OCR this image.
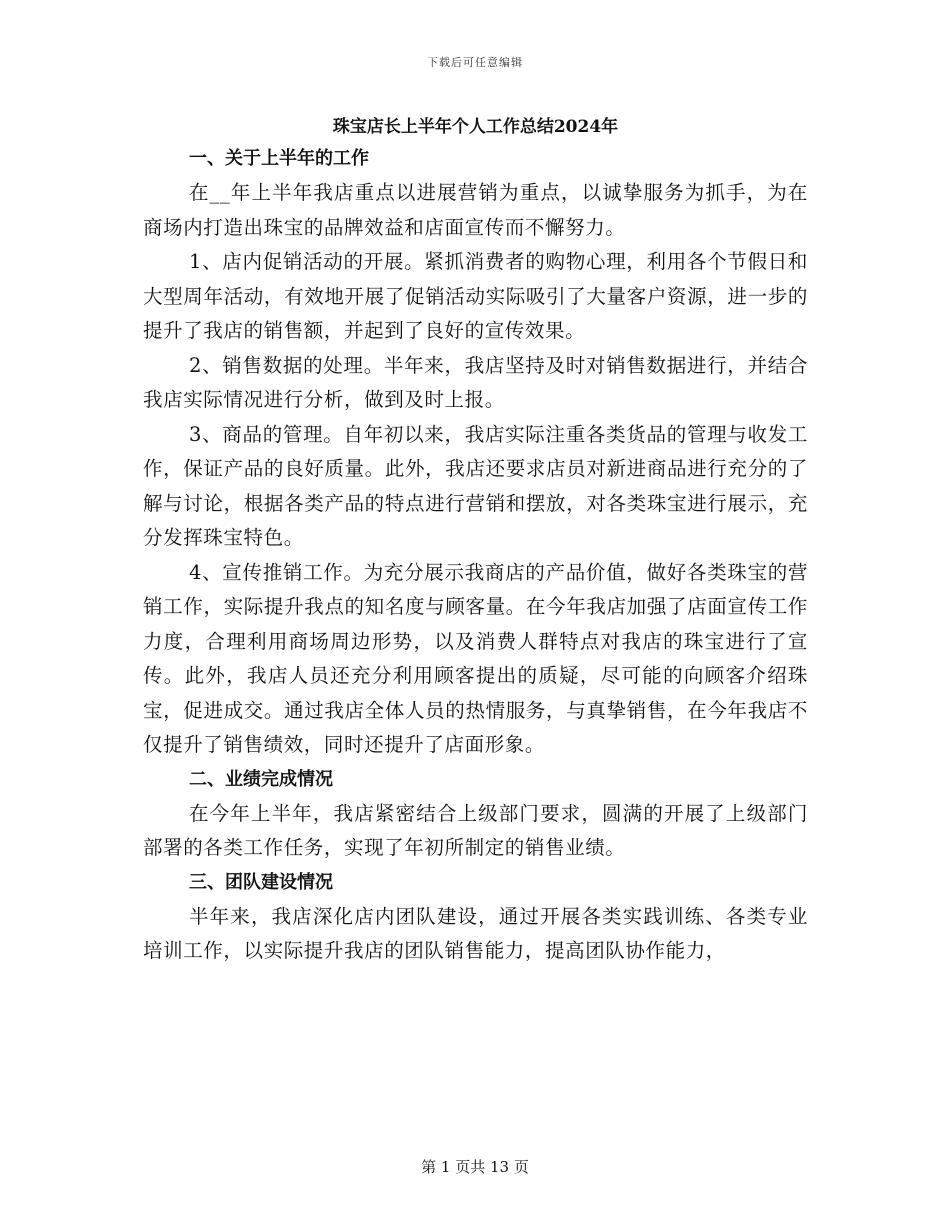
下载后可任意编辑
珠宝店长上半年个人工作总结2024年
一、关于上半年的工作

在__年上半年我店重点以进展营销为重点，以诚挚服务为抓手，为在商场内打造出珠宝的品牌效益和店面宣传而不懈努力。

1、店内促销活动的开展。紧抓消费者的购物心理，利用各个节假日和大型周年活动，有效地开展了促销活动实际吸引了大量客户资源，进一步的提升了我店的销售额，并起到了良好的宣传效果。

2、销售数据的处理。半年来，我店坚持及时对销售数据进行，并结合我店实际情况进行分析，做到及时上报。

3、商品的管理。自年初以来，我店实际注重各类货品的管理与收发工作，保证产品的良好质量。此外，我店还要求店员对新进商品进行充分的了解与讨论，根据各类产品的特点进行营销和摆放，对各类珠宝进行展示，充分发挥珠宝特色。

4、宣传推销工作。为充分展示我商店的产品价值，做好各类珠宝的营销工作，实际提升我点的知名度与顾客量。在今年我店加强了店面宣传工作力度，合理利用商场周边形势，以及消费人群特点对我店的珠宝进行了宣传。此外，我店人员还充分利用顾客提出的质疑，尽可能的向顾客介绍珠宝，促进成交。通过我店全体人员的热情服务，与真挚销售，在今年我店不仅提升了销售绩效，同时还提升了店面形象。

二、业绩完成情况

在今年上半年，我店紧密结合上级部门要求，圆满的开展了上级部门部署的各类工作任务，实现了年初所制定的销售业绩。

三、团队建设情况

半年来，我店深化店内团队建设，通过开展各类实践训练、各类专业培训工作，以实际提升我店的团队销售能力，提高团队协作能力，

第 1 页共 13 页
